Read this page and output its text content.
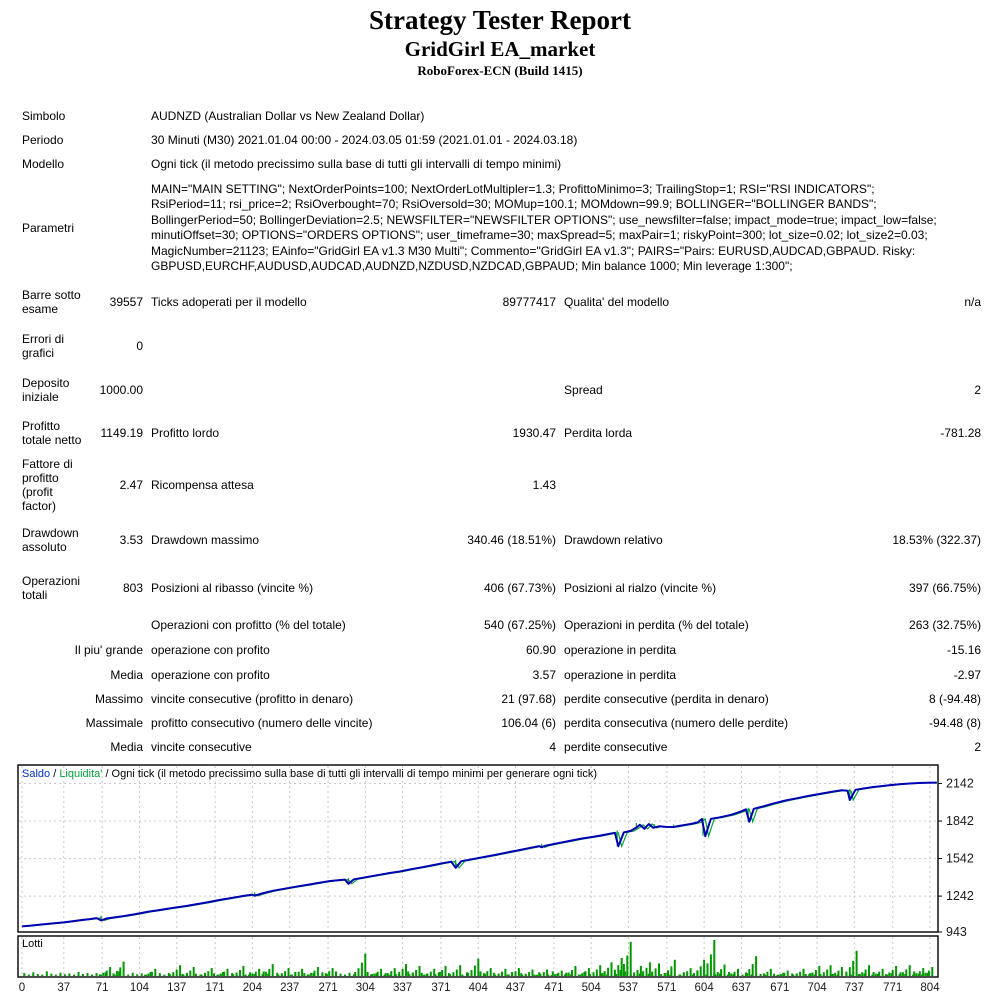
Strategy Tester Report
GridGirl EA_market
RoboForex-ECN (Build 1415)
Simbolo		AUDNZD (Australian Dollar vs New Zealand Dollar)			
Periodo		30 Minuti (M30) 2021.01.04 00:00 - 2024.03.05 01:59 (2021.01.01 - 2024.03.18)			
Modello		Ogni tick (il metodo precissimo sulla base di tutti gli intervalli di tempo minimi)			
Parametri	
MAIN="MAIN SETTING"; NextOrderPoints=100; NextOrderLotMultipler=1.3; ProfittoMinimo=3; TrailingStop=1; RSI="RSI INDICATORS";
RsiPeriod=11; rsi_price=2; RsiOverbought=70; RsiOversold=30; MOMup=100.1; MOMdown=99.9; BOLLINGER="BOLLINGER BANDS";
BollingerPeriod=50; BollingerDeviation=2.5; NEWSFILTER="NEWSFILTER OPTIONS"; use_newsfilter=false; impact_mode=true; impact_low=false;
minutiOffset=30; OPTIONS="ORDERS OPTIONS"; user_timeframe=30; maxSpread=5; maxPair=1; riskyPoint=300; lot_size=0.02; lot_size2=0.03;
MagicNumber=21123; EAinfo="GridGirl EA v1.3 M30 Multi"; Commento="GridGirl EA v1.3"; PAIRS="Pairs: EURUSD,AUDCAD,GBPAUD. Risky:
GBPUSD,EURCHF,AUDUSD,AUDCAD,AUDNZD,NZDUSD,NZDCAD,GBPAUD; Min balance 1000; Min leverage 1:300";

Barre sotto esame	39557	Ticks adoperati per il modello	89777417	Qualita' del modello	n/a
Errori di grafici	0				
Deposito iniziale	1000.00			Spread	2
Profitto totale netto	1149.19	Profitto lordo	1930.47	Perdita lorda	-781.28
Fattore di profitto (profit factor)	2.47	Ricompensa attesa	1.43		
Drawdown assoluto	3.53	Drawdown massimo	340.46 (18.51%)	Drawdown relativo	18.53% (322.37)
Operazioni totali	803	Posizioni al ribasso (vincite %)	406 (67.73%)	Posizioni al rialzo (vincite %)	397 (66.75%)
		Operazioni con profitto (% del totale)	540 (67.25%)	Operazioni in perdita (% del totale)	263 (32.75%)
Il piu' grande		operazione con profito	60.90	operazione in perdita	-15.16
Media		operazione con profito	3.57	operazione in perdita	-2.97
Massimo		vincite consecutive (profitto in denaro)	21 (97.68)	perdite consecutive (perdita in denaro)	8 (-94.48)
Massimale		profitto consecutivo (numero delle vincite)	106.04 (6)	perdita consecutiva (numero delle perdite)	-94.48 (8)
Media		vincite consecutive	4	perdite consecutive	2
2142
1842
1542
1242
943
Saldo / Liquidita' / Ogni tick (il metodo precissimo sulla base di tutti gli intervalli di tempo minimi per generare ogni tick)
Lotti
0	37 71 104 137 171 204 237 271 304 337 371 404 437 471 504 537 571 604 637 671 704 737 771 804
